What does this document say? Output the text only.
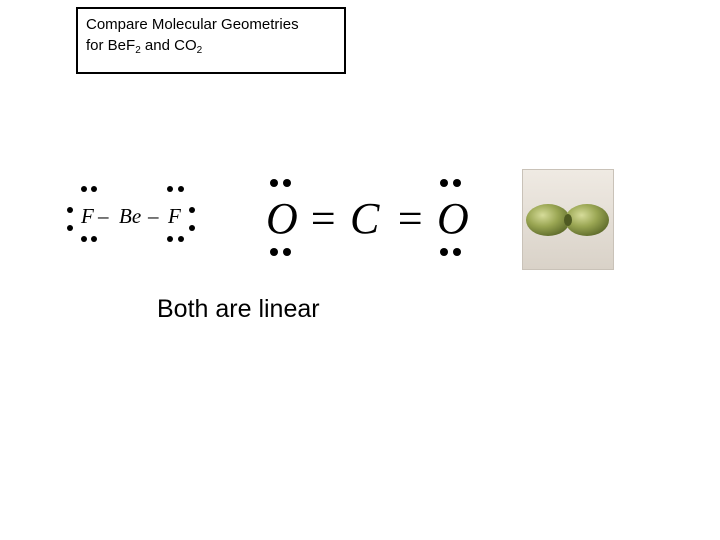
Compare Molecular Geometries
for BeF$_2$ and $CO_2$
F – Be – F O = C = O
Both are linear
